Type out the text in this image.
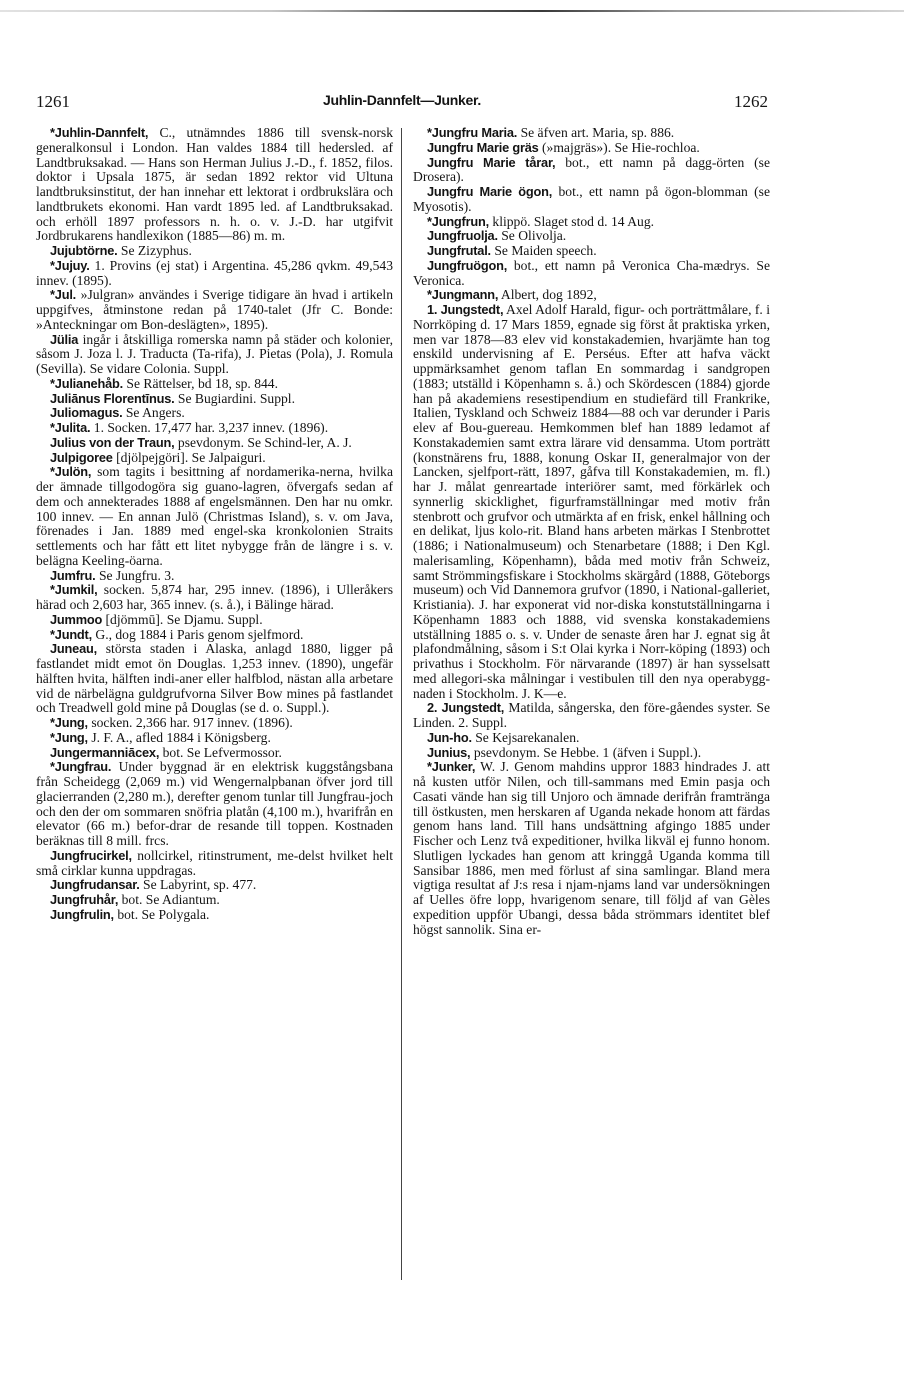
1261	Juhlin-Dannfelt—Junker.	1262

*Juhlin-Dannfelt, C., utnämndes 1886 till svensk-norsk generalkonsul i London. Han valdes 1884 till hedersled. af Landtbruksakad. — Hans son Herman Julius J.-D., f. 1852, filos. doktor i Upsala 1875, är sedan 1892 rektor vid Ultuna landtbruksinstitut, der han innehar ett lektorat i ordbrukslära och landtbrukets ekonomi. Han vardt 1895 led. af Landtbruksakad. och erhöll 1897 professors n. h. o. v. J.-D. har utgifvit Jordbrukarens handlexikon (1885—86) m. m.

Jujubtörne. Se Zizyphus.

*Jujuy. 1. Provins (ej stat) i Argentina. 45,286 qvkm. 49,543 innev. (1895).

*Jul. »Julgran» användes i Sverige tidigare än hvad i artikeln uppgifves, åtminstone redan på 1740-talet (Jfr C. Bonde: »Anteckningar om Bon-deslägten», 1895).

Jülia ingår i åtskilliga romerska namn på städer och kolonier, såsom J. Joza l. J. Traducta (Ta-rifa), J. Pietas (Pola), J. Romula (Sevilla). Se vidare Colonia. Suppl.

*Julianehåb. Se Rättelser, bd 18, sp. 844.

Juliānus Florentīnus. Se Bugiardini. Suppl.

Juliomagus. Se Angers.

*Julita. 1. Socken. 17,477 har. 3,237 innev. (1896).

Julius von der Traun, psevdonym. Se Schind-ler, A. J.

Julpigoree [djölpejgöri]. Se Jalpaiguri.

*Julön, som tagits i besittning af nordamerika-nerna, hvilka der ämnade tillgodogöra sig guano-lagren, öfvergafs sedan af dem och annekterades 1888 af engelsmännen. Den har nu omkr. 100 innev. — En annan Julö (Christmas Island), s. v. om Java, förenades i Jan. 1889 med engel-ska kronkolonien Straits settlements och har fått ett litet nybygge från de längre i s. v. belägna Keeling-öarna.

Jumfru. Se Jungfru. 3.

*Jumkil, socken. 5,874 har, 295 innev. (1896), i Ulleråkers härad och 2,603 har, 365 innev. (s. å.), i Bälinge härad.

Jummoo [djömmū]. Se Djamu. Suppl.

*Jundt, G., dog 1884 i Paris genom sjelfmord.

Juneau, största staden i Alaska, anlagd 1880, ligger på fastlandet midt emot ön Douglas. 1,253 innev. (1890), ungefär hälften hvita, hälften indi-aner eller halfblod, nästan alla arbetare vid de närbelägna guldgrufvorna Silver Bow mines på fastlandet och Treadwell gold mine på Douglas (se d. o. Suppl.).

*Jung, socken. 2,366 har. 917 innev. (1896).

*Jung, J. F. A., afled 1884 i Königsberg.

Jungermanniācex, bot. Se Lefvermossor.

*Jungfrau. Under byggnad är en elektrisk kuggstångsbana från Scheidegg (2,069 m.) vid Wengernalpbanan öfver jord till glacierranden (2,280 m.), derefter genom tunlar till Jungfrau-joch och den der om sommaren snöfria platån (4,100 m.), hvarifrån en elevator (66 m.) befor-drar de resande till toppen. Kostnaden beräknas till 8 mill. frcs.

Jungfrucirkel, nollcirkel, ritinstrument, me-delst hvilket helt små cirklar kunna uppdragas.

Jungfrudansar. Se Labyrint, sp. 477.

Jungfruhår, bot. Se Adiantum.

Jungfrulin, bot. Se Polygala.

*Jungfru Maria. Se äfven art. Maria, sp. 886.

Jungfru Marie gräs (»majgräs»). Se Hie-rochloa.

Jungfru Marie tårar, bot., ett namn på dagg-örten (se Drosera).

Jungfru Marie ögon, bot., ett namn på ögon-blomman (se Myosotis).

*Jungfrun, klippö. Slaget stod d. 14 Aug.

Jungfruolja. Se Olivolja.

Jungfrutal. Se Maiden speech.

Jungfruögon, bot., ett namn på Veronica Cha-mædrys. Se Veronica.

*Jungmann, Albert, dog 1892,

1. Jungstedt, Axel Adolf Harald, figur- och porträttmålare, f. i Norrköping d. 17 Mars 1859, egnade sig först åt praktiska yrken, men var 1878—83 elev vid konstakademien, hvarjämte han tog enskild undervisning af E. Perséus. Efter att hafva väckt uppmärksamhet genom taflan En sommardag i sandgropen (1883; utställd i Köpenhamn s. å.) och Skördescen (1884) gjorde han på akademiens resestipendium en studiefärd till Frankrike, Italien, Tyskland och Schweiz 1884—88 och var derunder i Paris elev af Bou-guereau. Hemkommen blef han 1889 ledamot af Konstakademien samt extra lärare vid densamma. Utom porträtt (konstnärens fru, 1888, konung Oskar II, generalmajor von der Lancken, sjelfport-rätt, 1897, gåfva till Konstakademien, m. fl.) har J. målat genreartade interiörer samt, med förkärlek och synnerlig skicklighet, figurframställningar med motiv från stenbrott och grufvor och utmärkta af en frisk, enkel hållning och en delikat, ljus kolo-rit. Bland hans arbeten märkas I Stenbrottet (1886; i Nationalmuseum) och Stenarbetare (1888; i Den Kgl. malerisamling, Köpenhamn), båda med motiv från Schweiz, samt Strömmingsfiskare i Stockholms skärgård (1888, Göteborgs museum) och Vid Dannemora grufvor (1890, i National-galleriet, Kristiania). J. har exponerat vid nor-diska konstutställningarna i Köpenhamn 1883 och 1888, vid svenska konstakademiens utställning 1885 o. s. v. Under de senaste åren har J. egnat sig åt plafondmålning, såsom i S:t Olai kyrka i Norr-köping (1893) och privathus i Stockholm. För närvarande (1897) är han sysselsatt med allegori-ska målningar i vestibulen till den nya operabygg-naden i Stockholm. J. K—e.

2. Jungstedt, Matilda, sångerska, den före-gåendes syster. Se Linden. 2. Suppl.

Jun-ho. Se Kejsarekanalen.

Junius, psevdonym. Se Hebbe. 1 (äfven i Suppl.).

*Junker, W. J. Genom mahdins uppror 1883 hindrades J. att nå kusten utför Nilen, och till-sammans med Emin pasja och Casati vände han sig till Unjoro och ämnade derifrån framtränga till östkusten, men herskaren af Uganda nekade honom att färdas genom hans land. Till hans undsättning afgingo 1885 under Fischer och Lenz två expeditioner, hvilka likväl ej funno honom. Slutligen lyckades han genom att kringgå Uganda komma till Sansibar 1886, men med förlust af sina samlingar. Bland mera vigtiga resultat af J:s resa i njam-njams land var undersökningen af Uelles öfre lopp, hvarigenom senare, till följd af van Gèles expedition uppför Ubangi, dessa båda strömmars identitet blef högst sannolik. Sina er-
